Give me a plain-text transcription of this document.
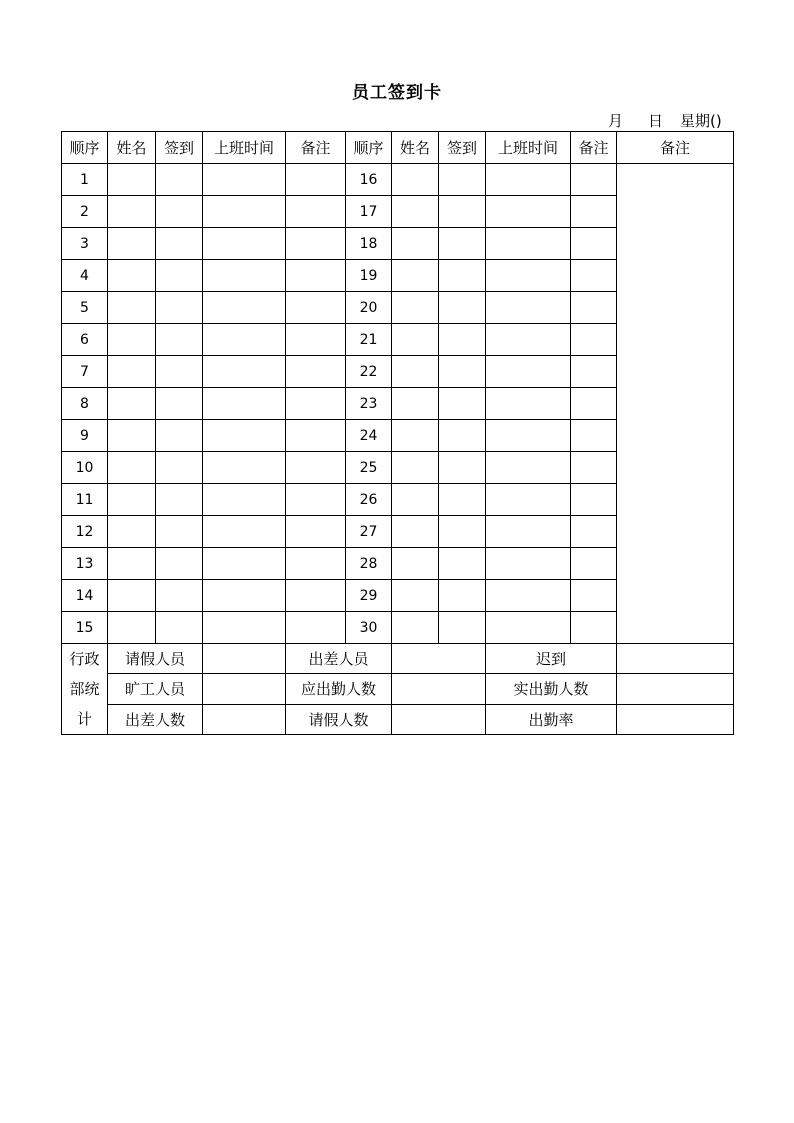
员工签到卡
月 日 星期()
顺序	姓名	签到	上班时间	备注	顺序	姓名	签到	上班时间	备注	备注
1					16					
2					17					
3					18					
4					19					
5					20					
6					21					
7					22					
8					23					
9					24					
10					25					
11					26					
12					27					
13					28					
14					29					
15					30					

行政
部统
计	请假人员			出差人员				迟到		
	旷工人员			应出勤人数				实出勤人数		
	出差人数			请假人数				出勤率		
